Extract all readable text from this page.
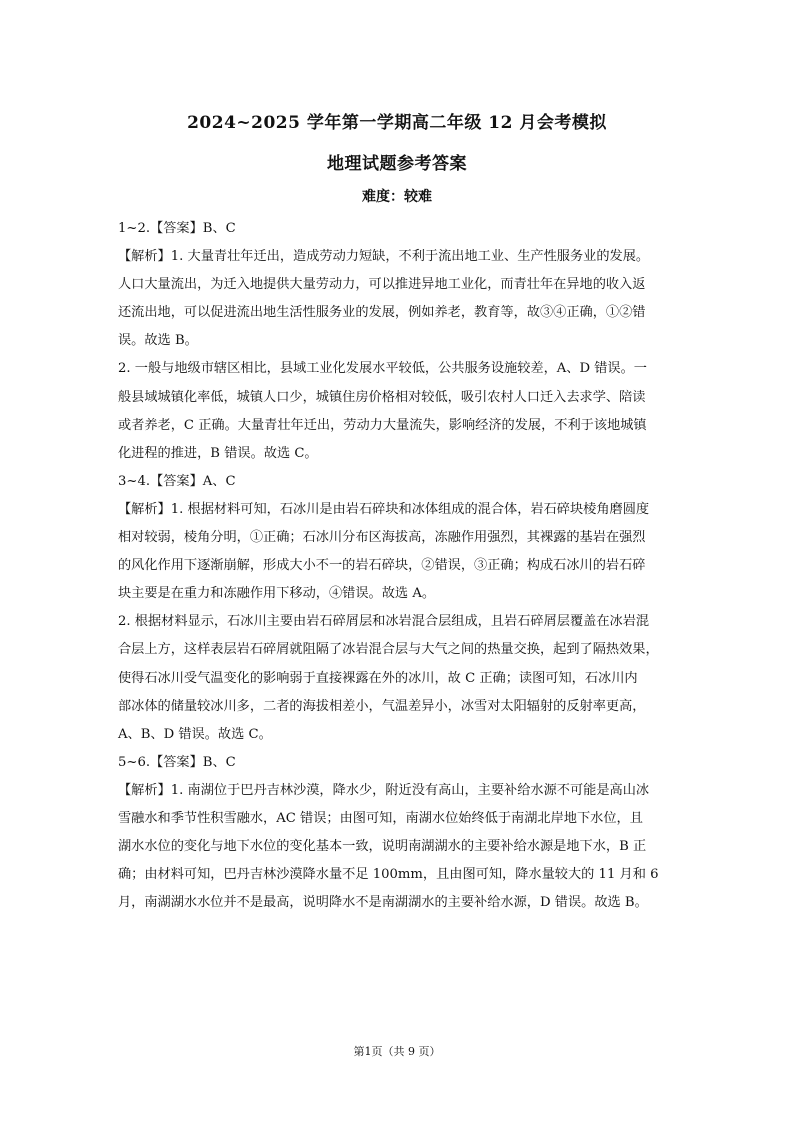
2024~2025 学年第一学期高二年级 12 月会考模拟
地理试题参考答案
难度：较难
1~2.【答案】B、C
【解析】1. 大量青壮年迁出，造成劳动力短缺，不利于流出地工业、生产性服务业的发展。
人口大量流出，为迁入地提供大量劳动力，可以推进异地工业化，而青壮年在异地的收入返
还流出地，可以促进流出地生活性服务业的发展，例如养老，教育等，故③④正确，①②错
误。故选 B。
2. 一般与地级市辖区相比，县域工业化发展水平较低，公共服务设施较差，A、D 错误。一
般县域城镇化率低，城镇人口少，城镇住房价格相对较低，吸引农村人口迁入去求学、陪读
或者养老，C 正确。大量青壮年迁出，劳动力大量流失，影响经济的发展，不利于该地城镇
化进程的推进，B 错误。故选 C。
3~4.【答案】A、C
【解析】1. 根据材料可知，石冰川是由岩石碎块和冰体组成的混合体，岩石碎块棱角磨圆度
相对较弱，棱角分明，①正确；石冰川分布区海拔高，冻融作用强烈，其裸露的基岩在强烈
的风化作用下逐渐崩解，形成大小不一的岩石碎块，②错误，③正确；构成石冰川的岩石碎
块主要是在重力和冻融作用下移动，④错误。故选 A。
2. 根据材料显示，石冰川主要由岩石碎屑层和冰岩混合层组成，且岩石碎屑层覆盖在冰岩混
合层上方，这样表层岩石碎屑就阻隔了冰岩混合层与大气之间的热量交换，起到了隔热效果，
使得石冰川受气温变化的影响弱于直接裸露在外的冰川，故 C 正确；读图可知，石冰川内
部冰体的储量较冰川多，二者的海拔相差小，气温差异小，冰雪对太阳辐射的反射率更高，
A、B、D 错误。故选 C。
5~6.【答案】B、C
【解析】1. 南湖位于巴丹吉林沙漠，降水少，附近没有高山，主要补给水源不可能是高山冰
雪融水和季节性积雪融水，AC 错误；由图可知，南湖水位始终低于南湖北岸地下水位，且
湖水水位的变化与地下水位的变化基本一致，说明南湖湖水的主要补给水源是地下水，B 正
确；由材料可知，巴丹吉林沙漠降水量不足 100mm，且由图可知，降水量较大的 11 月和 6
月，南湖湖水水位并不是最高，说明降水不是南湖湖水的主要补给水源，D 错误。故选 B。
第1页（共 9 页）
